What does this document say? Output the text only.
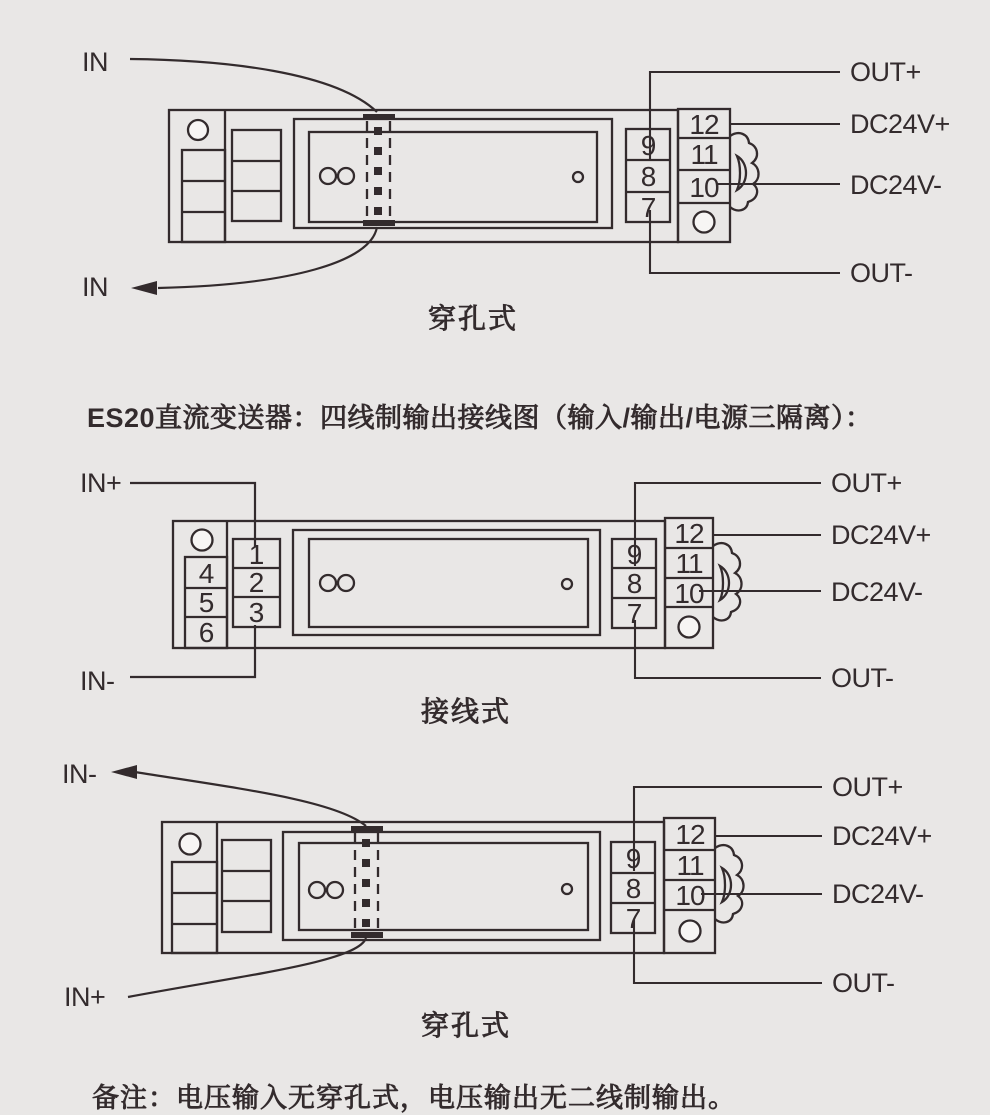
9
8
7
12
11
10
IN
IN
OUT+
DC24V+
DC24V-
OUT-
穿孔式
1
2
3
4
5
6
9
8
7
12
11
10
IN+
IN-
OUT+
DC24V+
DC24V-
OUT-
接线式
9
8
7
12
11
10
IN-
IN+
OUT+
DC24V+
DC24V-
OUT-
穿孔式
ES20直流变送器：四线制输出接线图（输入/输出/电源三隔离）：
备注：电压输入无穿孔式，电压输出无二线制输出。
